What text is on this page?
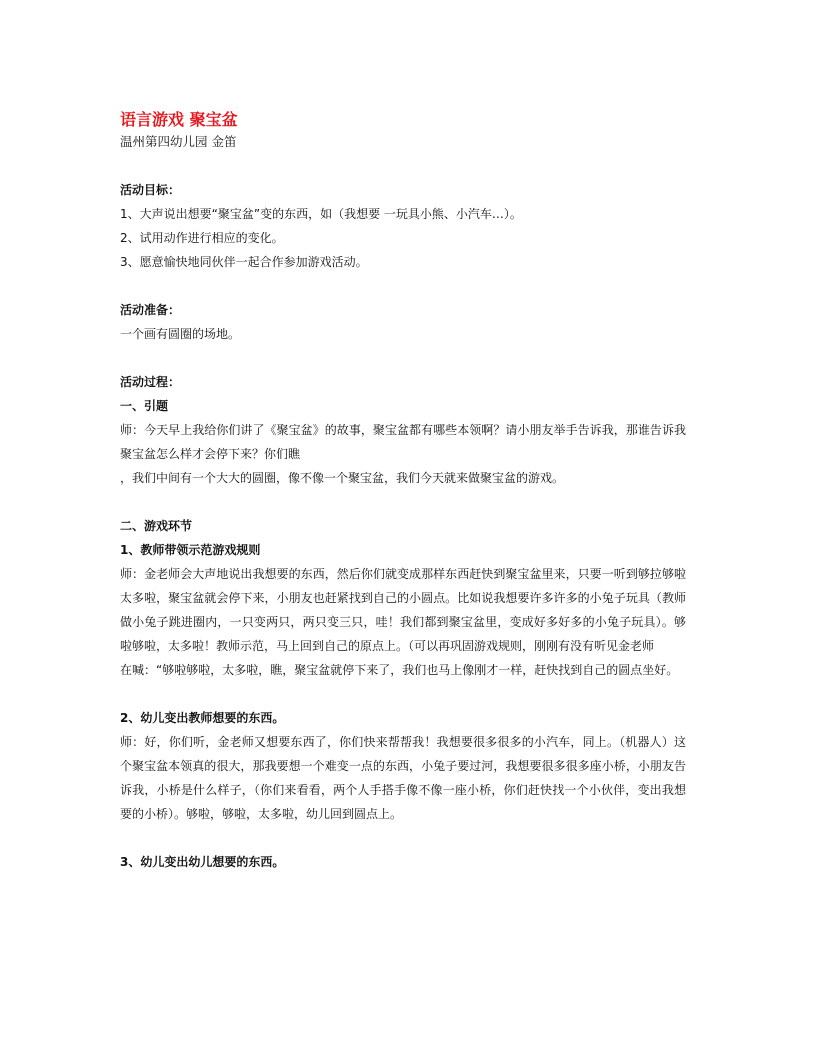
语言游戏 聚宝盆

温州第四幼儿园 金笛

活动目标：

1、大声说出想要“聚宝盆”变的东西，如（我想要 一玩具小熊、小汽车…）。

2、试用动作进行相应的变化。

3、愿意愉快地同伙伴一起合作参加游戏活动。

活动准备：

一个画有圆圈的场地。

活动过程：

一、引题

师：今天早上我给你们讲了《聚宝盆》的故事，聚宝盆都有哪些本领啊？请小朋友举手告诉我，那谁告诉我聚宝盆怎么样才会停下来？你们瞧

，我们中间有一个大大的圆圈，像不像一个聚宝盆，我们今天就来做聚宝盆的游戏。

二、游戏环节

1、教师带领示范游戏规则

师：金老师会大声地说出我想要的东西，然后你们就变成那样东西赶快到聚宝盆里来，只要一听到够拉够啦太多啦，聚宝盆就会停下来，小朋友也赶紧找到自己的小圆点。比如说我想要许多许多的小兔子玩具（教师做小兔子跳进圈内，一只变两只，两只变三只，哇！我们都到聚宝盆里，变成好多好多的小兔子玩具）。够啦够啦，太多啦！教师示范，马上回到自己的原点上。（可以再巩固游戏规则，刚刚有没有听见金老师

在喊：“够啦够啦，太多啦，瞧，聚宝盆就停下来了，我们也马上像刚才一样，赶快找到自己的圆点坐好。

2、幼儿变出教师想要的东西。

师：好，你们听，金老师又想要东西了，你们快来帮帮我！我想要很多很多的小汽车，同上。（机器人）这个聚宝盆本领真的很大，那我要想一个难变一点的东西，小兔子要过河，我想要很多很多座小桥，小朋友告诉我，小桥是什么样子，（你们来看看，两个人手搭手像不像一座小桥，你们赶快找一个小伙伴，变出我想要的小桥）。够啦，够啦，太多啦，幼儿回到圆点上。

3、幼儿变出幼儿想要的东西。
